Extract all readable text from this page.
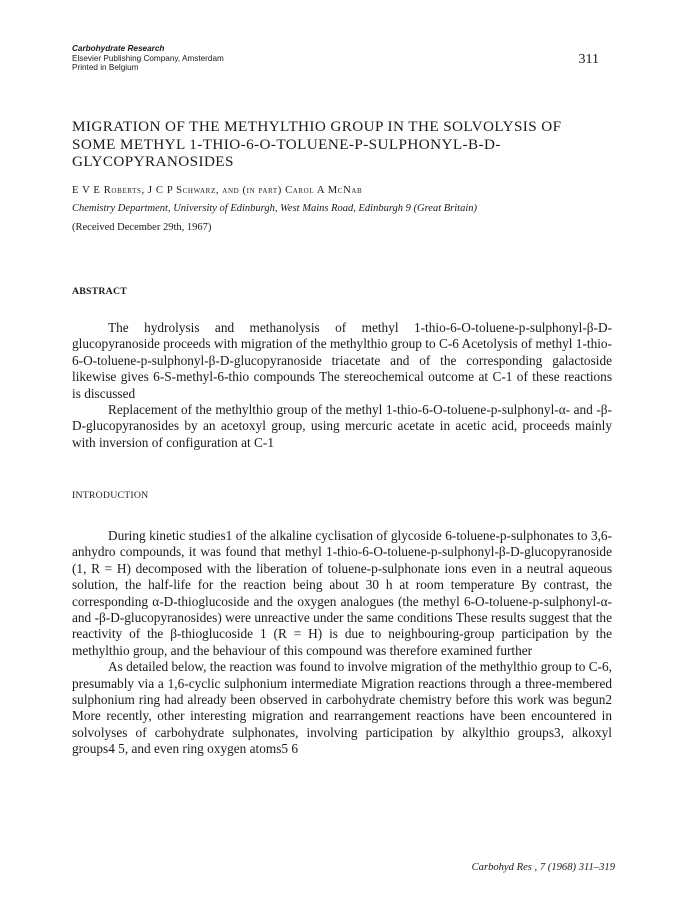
Carbohydrate Research
Elsevier Publishing Company, Amsterdam
Printed in Belgium
311
MIGRATION OF THE METHYLTHIO GROUP IN THE SOLVOLYSIS OF SOME METHYL 1-THIO-6-O-TOLUENE-P-SULPHONYL-Β-D-GLYCOPYRANOSIDES
E V E Roberts, J C P Schwarz, and (in part) Carol A McNab
Chemistry Department, University of Edinburgh, West Mains Road, Edinburgh 9 (Great Britain)
(Received December 29th, 1967)
ABSTRACT

The hydrolysis and methanolysis of methyl 1-thio-6-O-toluene-p-sulphonyl-β-D-glucopyranoside proceeds with migration of the methylthio group to C-6 Acetolysis of methyl 1-thio-6-O-toluene-p-sulphonyl-β-D-glucopyranoside triacetate and of the corresponding galactoside likewise gives 6-S-methyl-6-thio compounds The stereochemical outcome at C-1 of these reactions is discussed

Replacement of the methylthio group of the methyl 1-thio-6-O-toluene-p-sulphonyl-α- and -β-D-glucopyranosides by an acetoxyl group, using mercuric acetate in acetic acid, proceeds mainly with inversion of configuration at C-1

INTRODUCTION

During kinetic studies1 of the alkaline cyclisation of glycoside 6-toluene-p-sulphonates to 3,6-anhydro compounds, it was found that methyl 1-thio-6-O-toluene-p-sulphonyl-β-D-glucopyranoside (1, R = H) decomposed with the liberation of toluene-p-sulphonate ions even in a neutral aqueous solution, the half-life for the reaction being about 30 h at room temperature By contrast, the corresponding α-D-thioglucoside and the oxygen analogues (the methyl 6-O-toluene-p-sulphonyl-α- and -β-D-glucopyranosides) were unreactive under the same conditions These results suggest that the reactivity of the β-thioglucoside 1 (R = H) is due to neighbouring-group participation by the methylthio group, and the behaviour of this compound was therefore examined further

As detailed below, the reaction was found to involve migration of the methylthio group to C-6, presumably via a 1,6-cyclic sulphonium intermediate Migration reactions through a three-membered sulphonium ring had already been observed in carbohydrate chemistry before this work was begun2 More recently, other interesting migration and rearrangement reactions have been encountered in solvolyses of carbohydrate sulphonates, involving participation by alkylthio groups3, alkoxyl groups4 5, and even ring oxygen atoms5 6

Carbohyd Res , 7 (1968) 311–319
